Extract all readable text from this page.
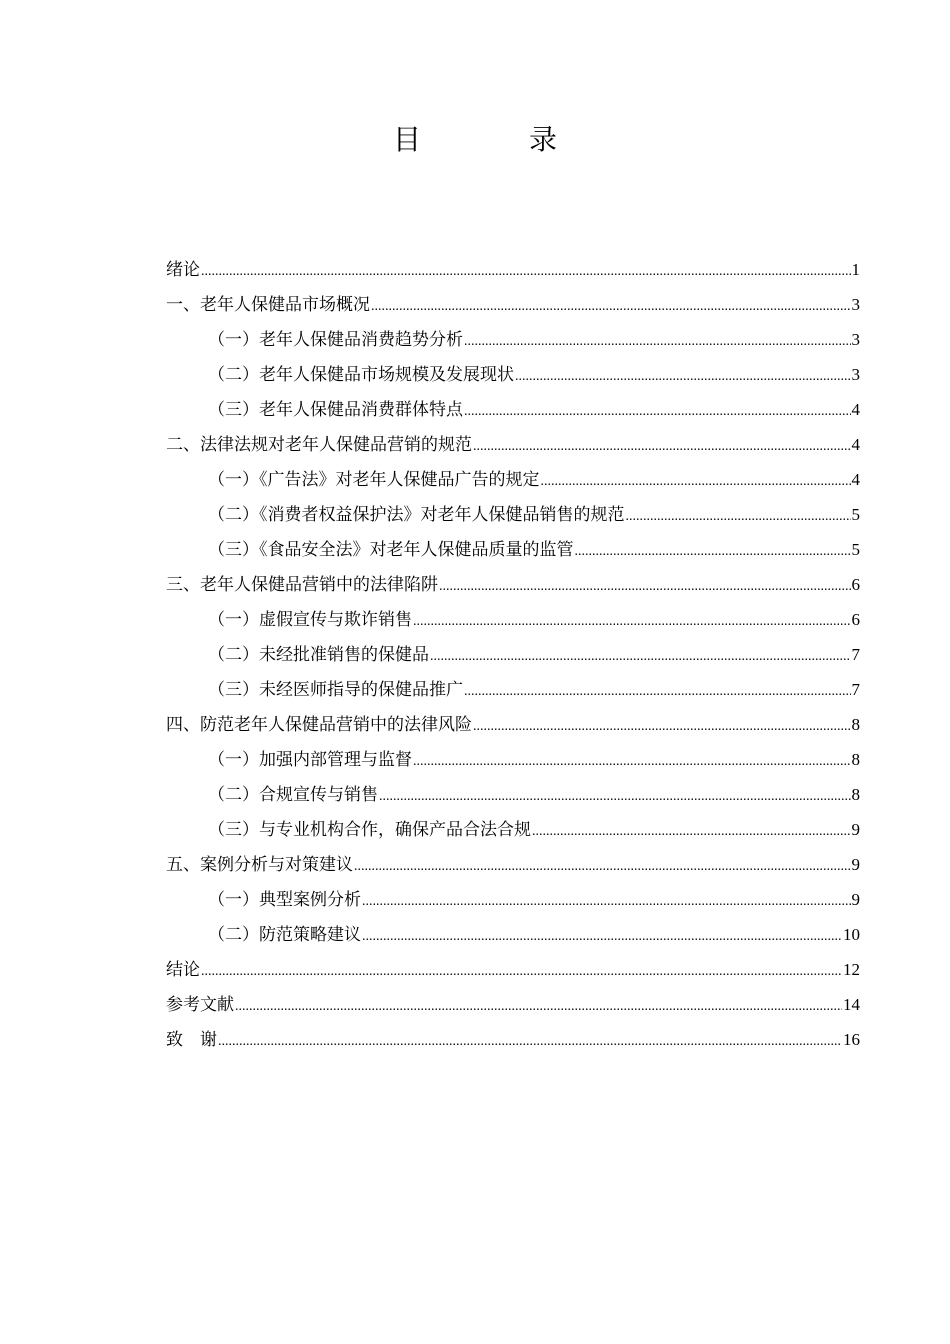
目　录
绪论 .....	1
一、老年人保健品市场概况 .....	3
（一）老年人保健品消费趋势分析 .....	3
（二）老年人保健品市场规模及发展现状 .....	3
（三）老年人保健品消费群体特点 .....	4
二、法律法规对老年人保健品营销的规范 .....	4
（一）《广告法》对老年人保健品广告的规定 .....	4
（二）《消费者权益保护法》对老年人保健品销售的规范 .....	5
（三）《食品安全法》对老年人保健品质量的监管 .....	5
三、老年人保健品营销中的法律陷阱 .....	6
（一）虚假宣传与欺诈销售 .....	6
（二）未经批准销售的保健品 .....	7
（三）未经医师指导的保健品推广 .....	7
四、防范老年人保健品营销中的法律风险 .....	8
（一）加强内部管理与监督 .....	8
（二）合规宣传与销售 .....	8
（三）与专业机构合作，确保产品合法合规 .....	9
五、案例分析与对策建议 .....	9
（一）典型案例分析 .....	9
（二）防范策略建议 .....	10
结论 .....	12
参考文献 .....	14
致　谢 .....	16
